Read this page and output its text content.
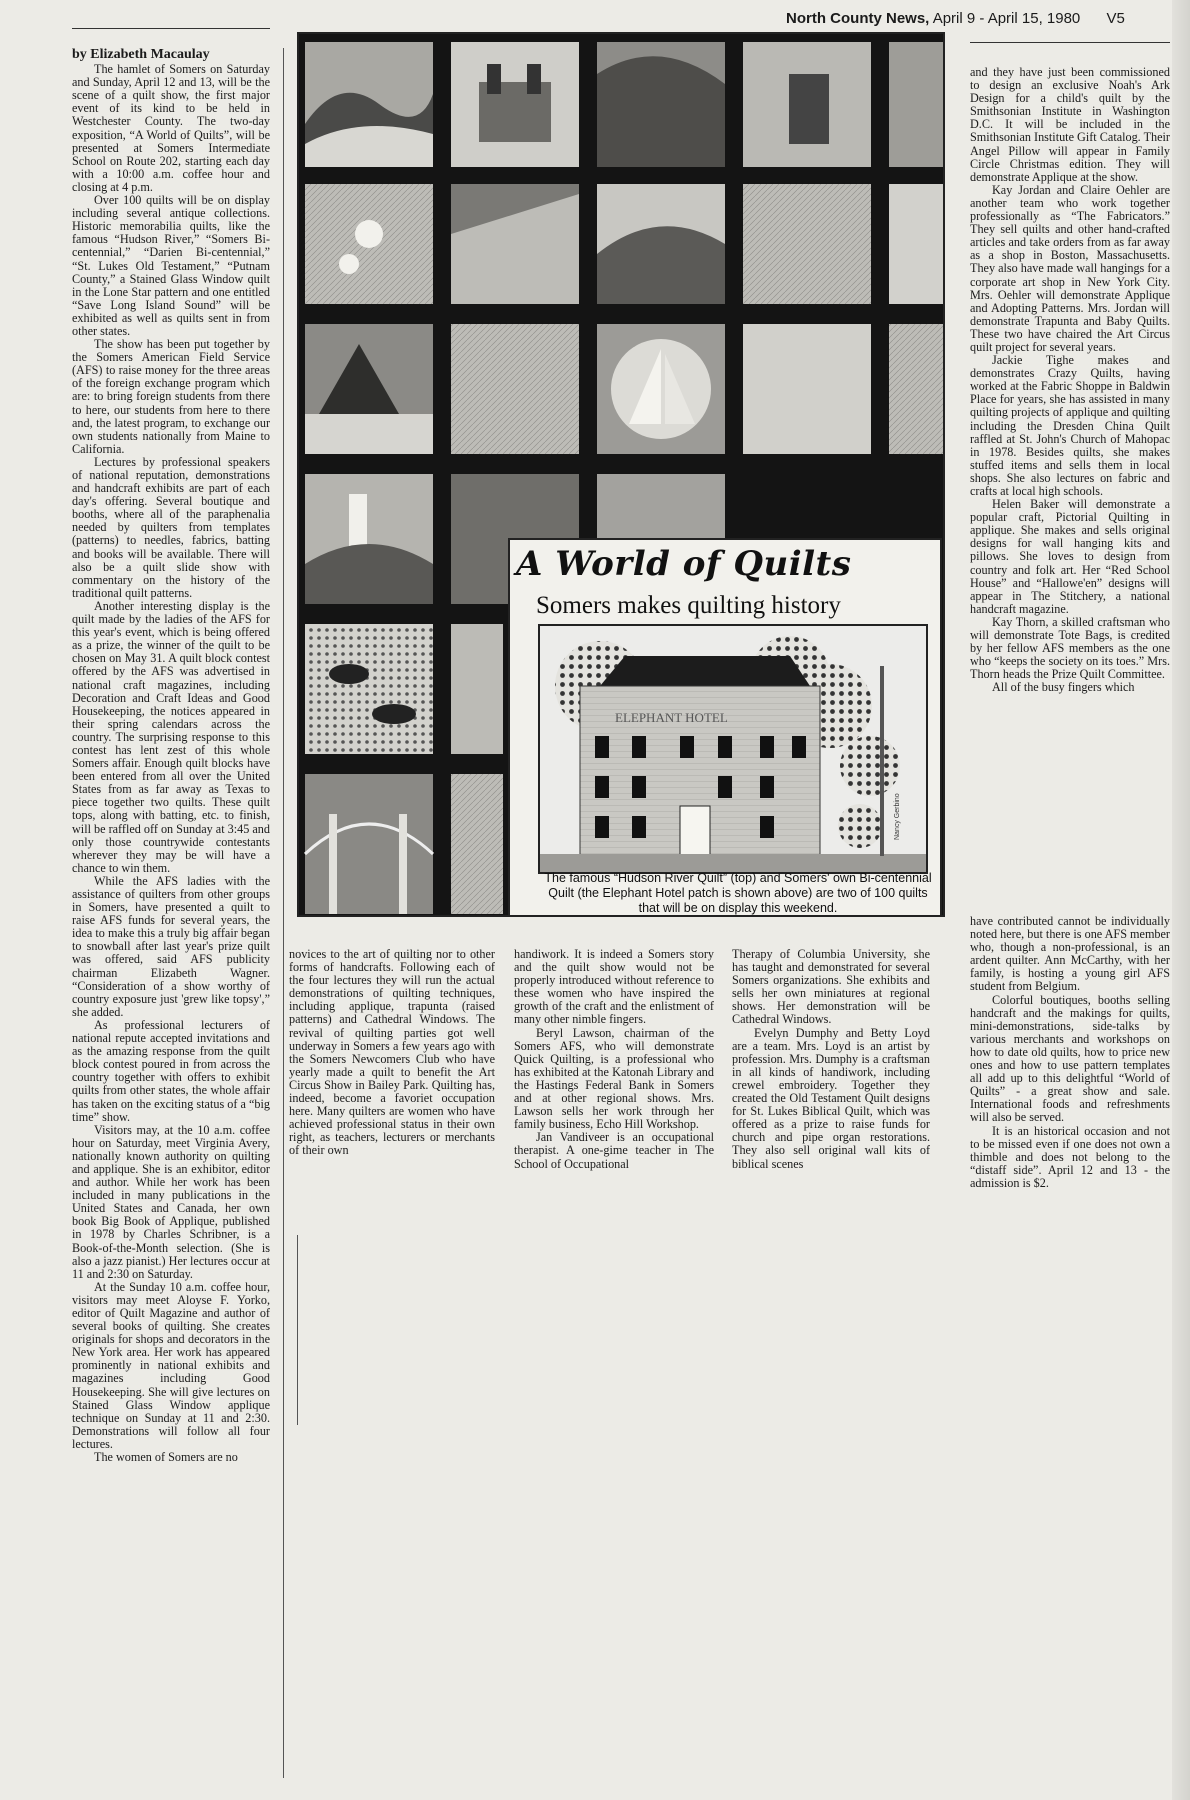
North County News, April 9 - April 15, 1980 V5
A World of Quilts
Somers makes quilting history
ELEPHANT HOTEL
Nancy Gerbino
The famous “Hudson River Quilt” (top) and Somers' own Bi-centennial Quilt (the Elephant Hotel patch is shown above) are two of 100 quilts that will be on display this weekend.

by Elizabeth Macaulay

The hamlet of Somers on Saturday and Sunday, April 12 and 13, will be the scene of a quilt show, the first major event of its kind to be held in Westchester County. The two-day exposition, “A World of Quilts”, will be presented at Somers Intermediate School on Route 202, starting each day with a 10:00 a.m. coffee hour and closing at 4 p.m.

Over 100 quilts will be on display including several antique collections. Historic memorabilia quilts, like the famous “Hudson River,” “Somers Bi-centennial,” “Darien Bi-centennial,” “St. Lukes Old Testament,” “Putnam County,” a Stained Glass Window quilt in the Lone Star pattern and one entitled “Save Long Island Sound” will be exhibited as well as quilts sent in from other states.

The show has been put together by the Somers American Field Service (AFS) to raise money for the three areas of the foreign exchange program which are: to bring foreign students from there to here, our students from here to there and, the latest program, to exchange our own students nationally from Maine to California.

Lectures by professional speakers of national reputation, demonstrations and handcraft exhibits are part of each day's offering. Several boutique and booths, where all of the paraphenalia needed by quilters from templates (patterns) to needles, fabrics, batting and books will be available. There will also be a quilt slide show with commentary on the history of the traditional quilt patterns.

Another interesting display is the quilt made by the ladies of the AFS for this year's event, which is being offered as a prize, the winner of the quilt to be chosen on May 31. A quilt block contest offered by the AFS was advertised in national craft magazines, including Decoration and Craft Ideas and Good Housekeeping, the notices appeared in their spring calendars across the country. The surprising response to this contest has lent zest of this whole Somers affair. Enough quilt blocks have been entered from all over the United States from as far away as Texas to piece together two quilts. These quilt tops, along with batting, etc. to finish, will be raffled off on Sunday at 3:45 and only those countrywide contestants wherever they may be will have a chance to win them.

While the AFS ladies with the assistance of quilters from other groups in Somers, have presented a quilt to raise AFS funds for several years, the idea to make this a truly big affair began to snowball after last year's prize quilt was offered, said AFS publicity chairman Elizabeth Wagner. “Consideration of a show worthy of country exposure just 'grew like topsy',” she added.

As professional lecturers of national repute accepted invitations and as the amazing response from the quilt block contest poured in from across the country together with offers to exhibit quilts from other states, the whole affair has taken on the exciting status of a “big time” show.

Visitors may, at the 10 a.m. coffee hour on Saturday, meet Virginia Avery, nationally known authority on quilting and applique. She is an exhibitor, editor and author. While her work has been included in many publications in the United States and Canada, her own book Big Book of Applique, published in 1978 by Charles Schribner, is a Book-of-the-Month selection. (She is also a jazz pianist.) Her lectures occur at 11 and 2:30 on Saturday.

At the Sunday 10 a.m. coffee hour, visitors may meet Aloyse F. Yorko, editor of Quilt Magazine and author of several books of quilting. She creates originals for shops and decorators in the New York area. Her work has appeared prominently in national exhibits and magazines including Good Housekeeping. She will give lectures on Stained Glass Window applique technique on Sunday at 11 and 2:30. Demonstrations will follow all four lectures.

The women of Somers are no

novices to the art of quilting nor to other forms of handcrafts. Following each of the four lectures they will run the actual demonstrations of quilting techniques, including applique, trapunta (raised patterns) and Cathedral Windows. The revival of quilting parties got well underway in Somers a few years ago with the Somers Newcomers Club who have yearly made a quilt to benefit the Art Circus Show in Bailey Park. Quilting has, indeed, become a favoriet occupation here. Many quilters are women who have achieved professional status in their own right, as teachers, lecturers or merchants of their own

handiwork. It is indeed a Somers story and the quilt show would not be properly introduced without reference to these women who have inspired the growth of the craft and the enlistment of many other nimble fingers.

Beryl Lawson, chairman of the Somers AFS, who will demonstrate Quick Quilting, is a professional who has exhibited at the Katonah Library and the Hastings Federal Bank in Somers and at other regional shows. Mrs. Lawson sells her work through her family business, Echo Hill Workshop.

Jan Vandiveer is an occupational therapist. A one-gime teacher in The School of Occupational

Therapy of Columbia University, she has taught and demonstrated for several Somers organizations. She exhibits and sells her own miniatures at regional shows. Her demonstration will be Cathedral Windows.

Evelyn Dumphy and Betty Loyd are a team. Mrs. Loyd is an artist by profession. Mrs. Dumphy is a craftsman in all kinds of handiwork, including crewel embroidery. Together they created the Old Testament Quilt designs for St. Lukes Biblical Quilt, which was offered as a prize to raise funds for church and pipe organ restorations. They also sell original wall kits of biblical scenes

and they have just been commissioned to design an exclusive Noah's Ark Design for a child's quilt by the Smithsonian Institute in Washington D.C. It will be included in the Smithsonian Institute Gift Catalog. Their Angel Pillow will appear in Family Circle Christmas edition. They will demonstrate Applique at the show.

Kay Jordan and Claire Oehler are another team who work together professionally as “The Fabricators.” They sell quilts and other hand-crafted articles and take orders from as far away as a shop in Boston, Massachusetts. They also have made wall hangings for a corporate art shop in New York City. Mrs. Oehler will demonstrate Applique and Adopting Patterns. Mrs. Jordan will demonstrate Trapunta and Baby Quilts. These two have chaired the Art Circus quilt project for several years.

Jackie Tighe makes and demonstrates Crazy Quilts, having worked at the Fabric Shoppe in Baldwin Place for years, she has assisted in many quilting projects of applique and quilting including the Dresden China Quilt raffled at St. John's Church of Mahopac in 1978. Besides quilts, she makes stuffed items and sells them in local shops. She also lectures on fabric and crafts at local high schools.

Helen Baker will demonstrate a popular craft, Pictorial Quilting in applique. She makes and sells original designs for wall hanging kits and pillows. She loves to design from country and folk art. Her “Red School House” and “Hallowe'en” designs will appear in The Stitchery, a national handcraft magazine.

Kay Thorn, a skilled craftsman who will demonstrate Tote Bags, is credited by her fellow AFS members as the one who “keeps the society on its toes.” Mrs. Thorn heads the Prize Quilt Committee.

All of the busy fingers which

have contributed cannot be individually noted here, but there is one AFS member who, though a non-professional, is an ardent quilter. Ann McCarthy, with her family, is hosting a young girl AFS student from Belgium.

Colorful boutiques, booths selling handcraft and the makings for quilts, mini-demonstrations, side-talks by various merchants and workshops on how to date old quilts, how to price new ones and how to use pattern templates all add up to this delightful “World of Quilts” - a great show and sale. International foods and refreshments will also be served.

It is an historical occasion and not to be missed even if one does not own a thimble and does not belong to the “distaff side”. April 12 and 13 - the admission is $2.
